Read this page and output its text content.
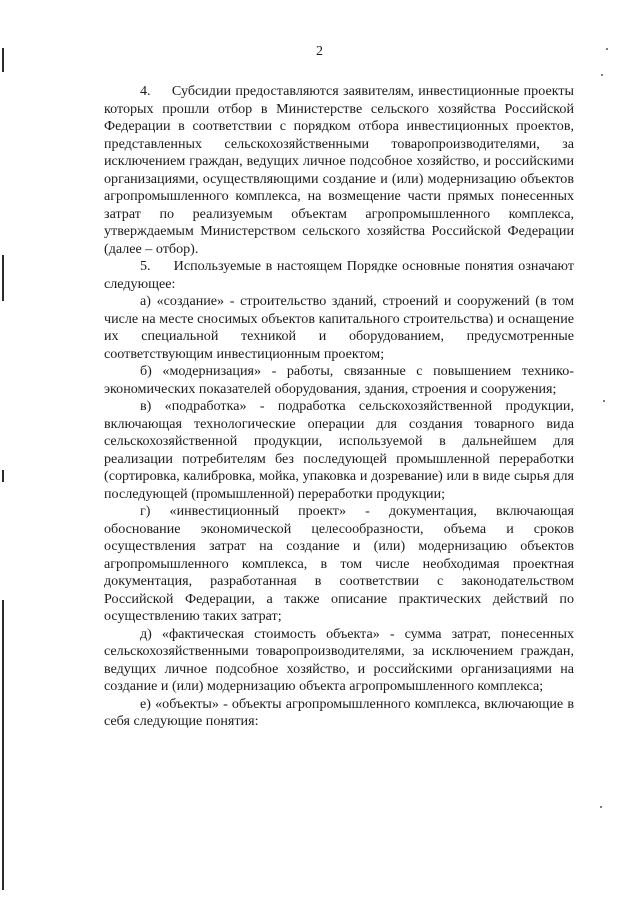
2

4.     Субсидии предоставляются заявителям, инвестиционные проекты которых прошли отбор в Министерстве сельского хозяйства Российской Федерации в соответствии с порядком отбора инвестиционных проектов, представленных сельскохозяйственными товаропроизводителями, за исключением граждан, ведущих личное подсобное хозяйство, и российскими организациями, осуществляющими создание и (или) модернизацию объектов агропромышленного комплекса, на возмещение части прямых понесенных затрат по реализуемым объектам агропромышленного комплекса, утверждаемым Министерством сельского хозяйства Российской Федерации (далее – отбор).

5.     Используемые в настоящем Порядке основные понятия означают следующее:

а) «создание» - строительство зданий, строений и сооружений (в том числе на месте сносимых объектов капитального строительства) и оснащение их специальной техникой и оборудованием, предусмотренные соответствующим инвестиционным проектом;

б) «модернизация» - работы, связанные с повышением технико-экономических показателей оборудования, здания, строения и сооружения;

в) «подработка» - подработка сельскохозяйственной продукции, включающая технологические операции для создания товарного вида сельскохозяйственной продукции, используемой в дальнейшем для реализации потребителям без последующей промышленной переработки (сортировка, калибровка, мойка, упаковка и дозревание) или в виде сырья для последующей (промышленной) переработки продукции;

г) «инвестиционный проект» - документация, включающая обоснование экономической целесообразности, объема и сроков осуществления затрат на создание и (или) модернизацию объектов агропромышленного комплекса, в том числе необходимая проектная документация, разработанная в соответствии с законодательством Российской Федерации, а также описание практических действий по осуществлению таких затрат;

д) «фактическая стоимость объекта» - сумма затрат, понесенных сельскохозяйственными товаропроизводителями, за исключением граждан, ведущих личное подсобное хозяйство, и российскими организациями на создание и (или) модернизацию объекта агропромышленного комплекса;

е) «объекты» - объекты агропромышленного комплекса, включающие в себя следующие понятия:
